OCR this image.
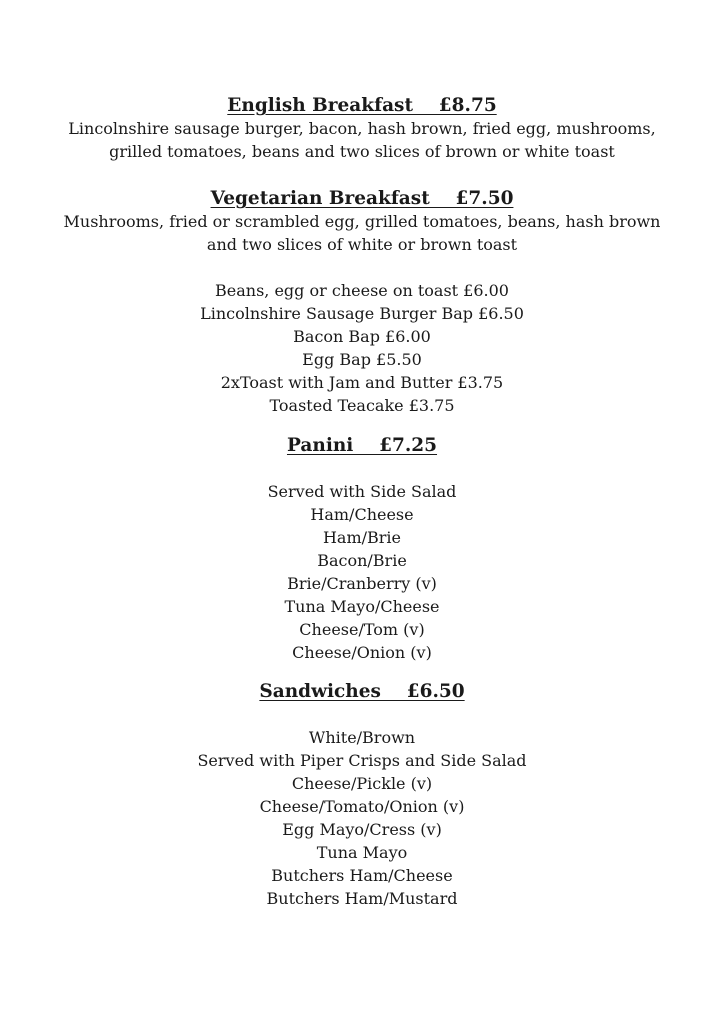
English Breakfast    £8.75

Lincolnshire sausage burger, bacon, hash brown, fried egg, mushrooms,

grilled tomatoes, beans and two slices of brown or white toast

Vegetarian Breakfast    £7.50

Mushrooms, fried or scrambled egg, grilled tomatoes, beans, hash brown

and two slices of white or brown toast

Beans, egg or cheese on toast £6.00

Lincolnshire Sausage Burger Bap £6.50

Bacon Bap £6.00

Egg Bap £5.50

2xToast with Jam and Butter £3.75

Toasted Teacake £3.75

Panini    £7.25

Served with Side Salad

Ham/Cheese

Ham/Brie

Bacon/Brie

Brie/Cranberry (v)

Tuna Mayo/Cheese

Cheese/Tom (v)

Cheese/Onion (v)

Sandwiches    £6.50

White/Brown

Served with Piper Crisps and Side Salad

Cheese/Pickle (v)

Cheese/Tomato/Onion (v)

Egg Mayo/Cress (v)

Tuna Mayo

Butchers Ham/Cheese

Butchers Ham/Mustard
